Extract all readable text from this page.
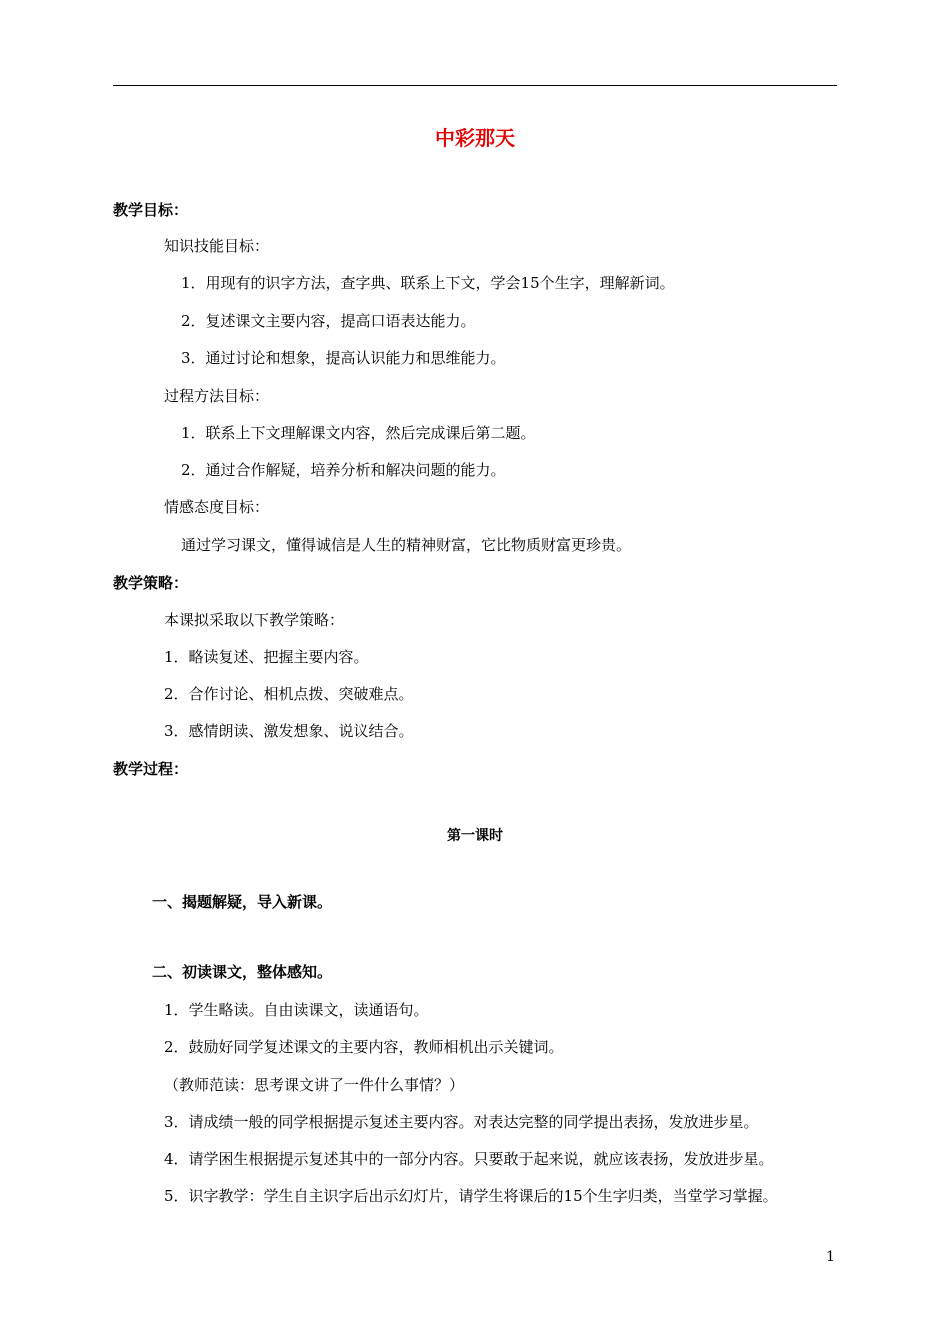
中彩那天
教学目标：
知识技能目标：
1．用现有的识字方法，查字典、联系上下文，学会15个生字，理解新词。
2．复述课文主要内容，提高口语表达能力。
3．通过讨论和想象，提高认识能力和思维能力。
过程方法目标：
1．联系上下文理解课文内容，然后完成课后第二题。
2．通过合作解疑，培养分析和解决问题的能力。
情感态度目标：
通过学习课文，懂得诚信是人生的精神财富，它比物质财富更珍贵。
教学策略：
本课拟采取以下教学策略：
1．略读复述、把握主要内容。
2．合作讨论、相机点拨、突破难点。
3．感情朗读、激发想象、说议结合。
教学过程：
第一课时
一、揭题解疑，导入新课。
二、初读课文，整体感知。
1．学生略读。自由读课文，读通语句。
2．鼓励好同学复述课文的主要内容，教师相机出示关键词。
（教师范读：思考课文讲了一件什么事情？）
3．请成绩一般的同学根据提示复述主要内容。对表达完整的同学提出表扬，发放进步星。
4．请学困生根据提示复述其中的一部分内容。只要敢于起来说，就应该表扬，发放进步星。
5．识字教学：学生自主识字后出示幻灯片，请学生将课后的15个生字归类，当堂学习掌握。
1
